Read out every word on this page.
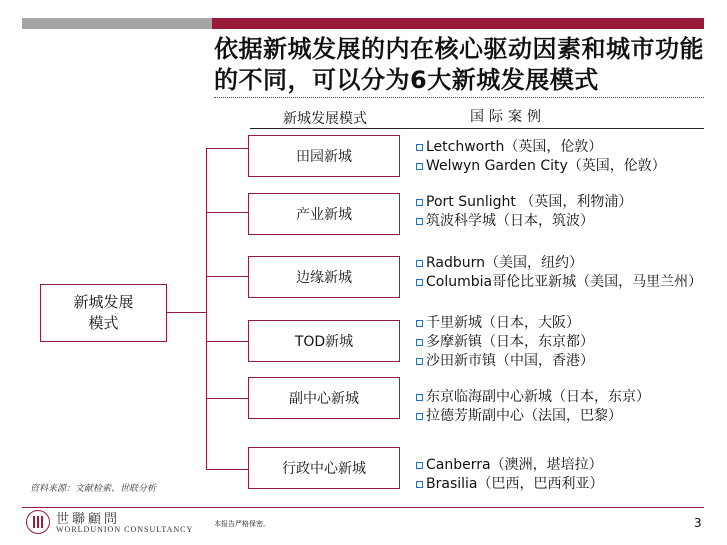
依据新城发展的内在核心驱动因素和城市功能的不同，可以分为6大新城发展模式
新城发展模式	国际案例
新城发展
模式
田园新城
产业新城
边缘新城
TOD新城
副中心新城
行政中心新城
Letchworth（英国，伦敦）
Welwyn Garden City（英国，伦敦）
Port Sunlight （英国，利物浦）
筑波科学城（日本，筑波）
Radburn（美国，纽约）
Columbia哥伦比亚新城（美国，马里兰州）
千里新城（日本，大阪）
多摩新镇（日本，东京都）
沙田新市镇（中国，香港）
东京临海副中心新城（日本，东京）
拉德芳斯副中心（法国，巴黎）
Canberra（澳洲，堪培拉）
Brasilia（巴西，巴西利亚）
资料来源：文献检索、世联分析
世聯顧問
WORLDUNION CONSULTANCY
本报告严格保密。	3
